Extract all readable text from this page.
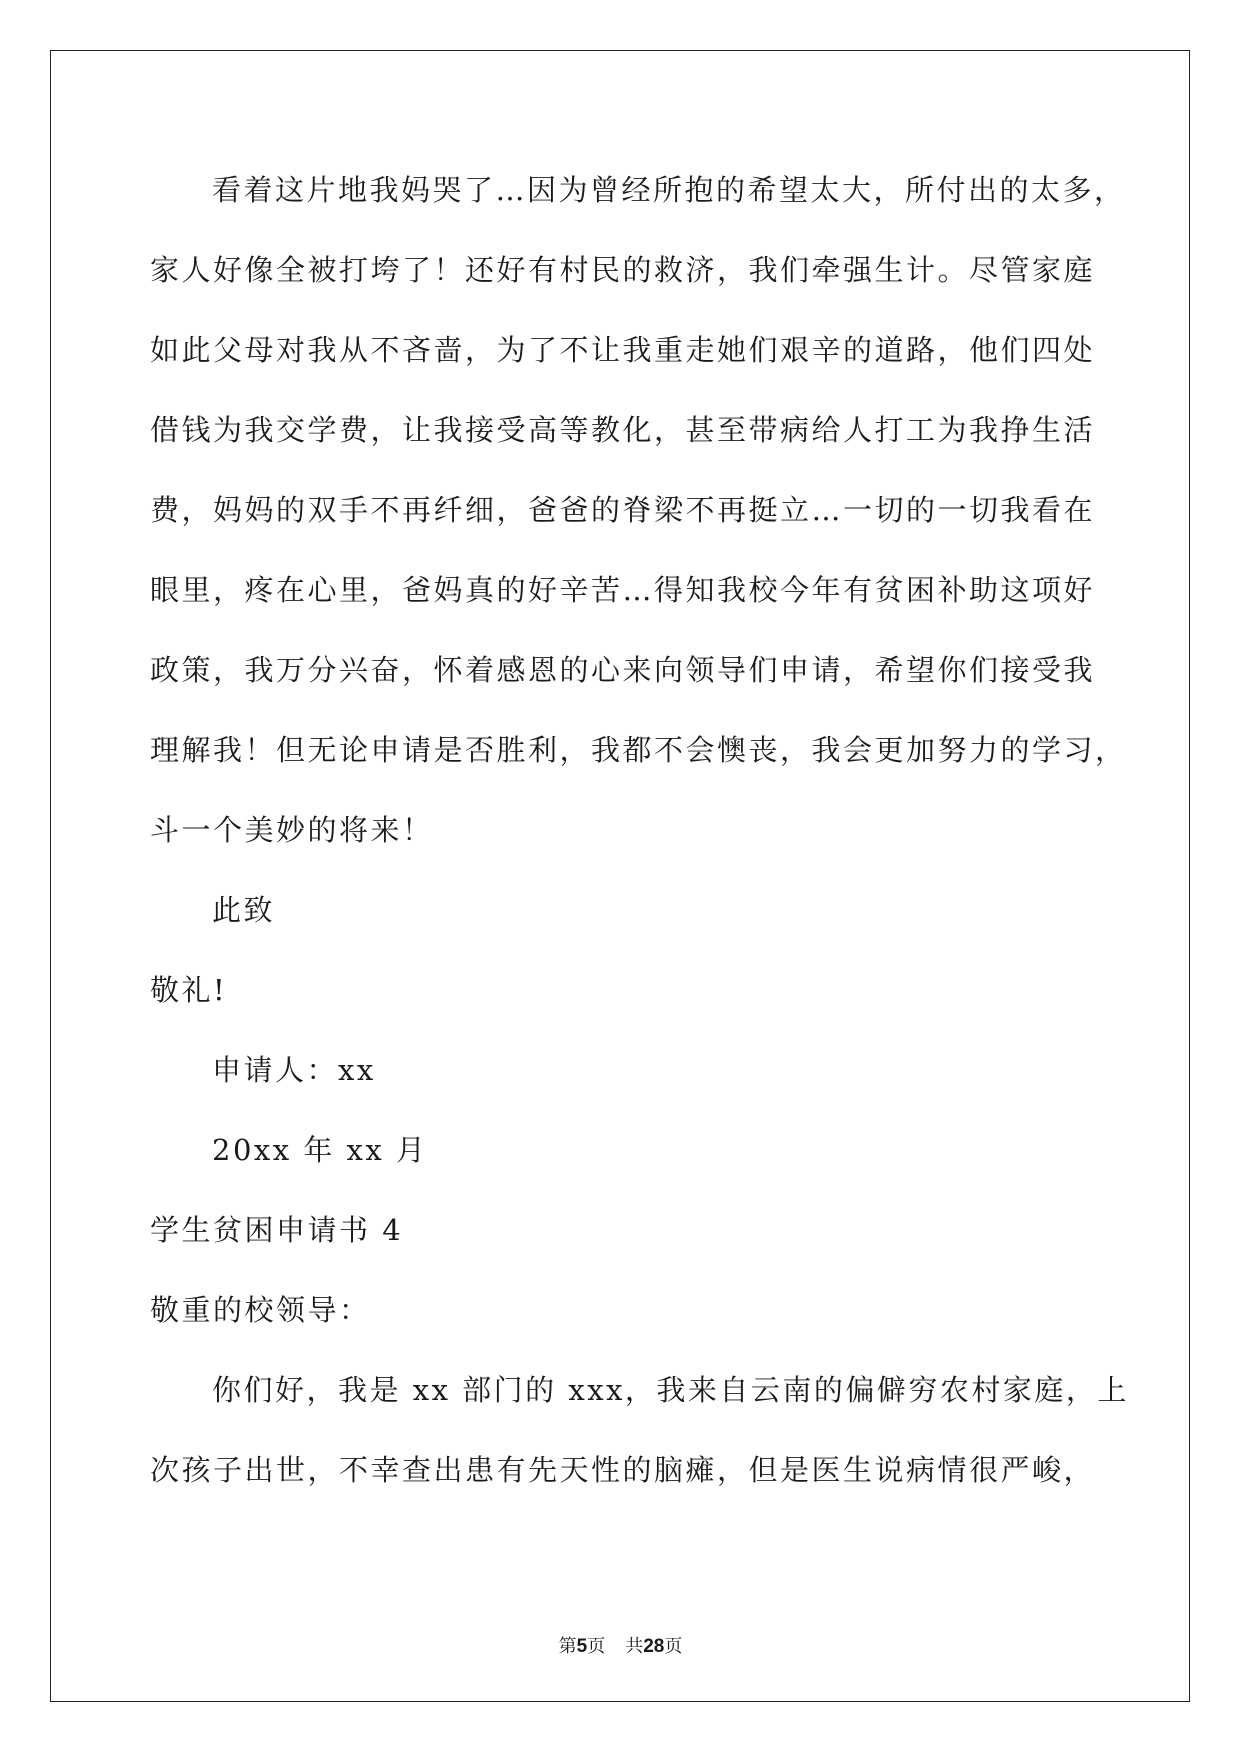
看着这片地我妈哭了…因为曾经所抱的希望太大，所付出的太多，
家人好像全被打垮了！还好有村民的救济，我们牵强生计。尽管家庭
如此父母对我从不吝啬，为了不让我重走她们艰辛的道路，他们四处
借钱为我交学费，让我接受高等教化，甚至带病给人打工为我挣生活
费，妈妈的双手不再纤细，爸爸的脊梁不再挺立…一切的一切我看在
眼里，疼在心里，爸妈真的好辛苦…得知我校今年有贫困补助这项好
政策，我万分兴奋，怀着感恩的心来向领导们申请，希望你们接受我
理解我！但无论申请是否胜利，我都不会懊丧，我会更加努力的学习，
斗一个美妙的将来！
此致
敬礼!
申请人：xx
20xx 年 xx 月
学生贫困申请书 4
敬重的校领导：
你们好，我是 xx 部门的 xxx，我来自云南的偏僻穷农村家庭，上
次孩子出世，不幸查出患有先天性的脑瘫，但是医生说病情很严峻，
第5页 共28页
